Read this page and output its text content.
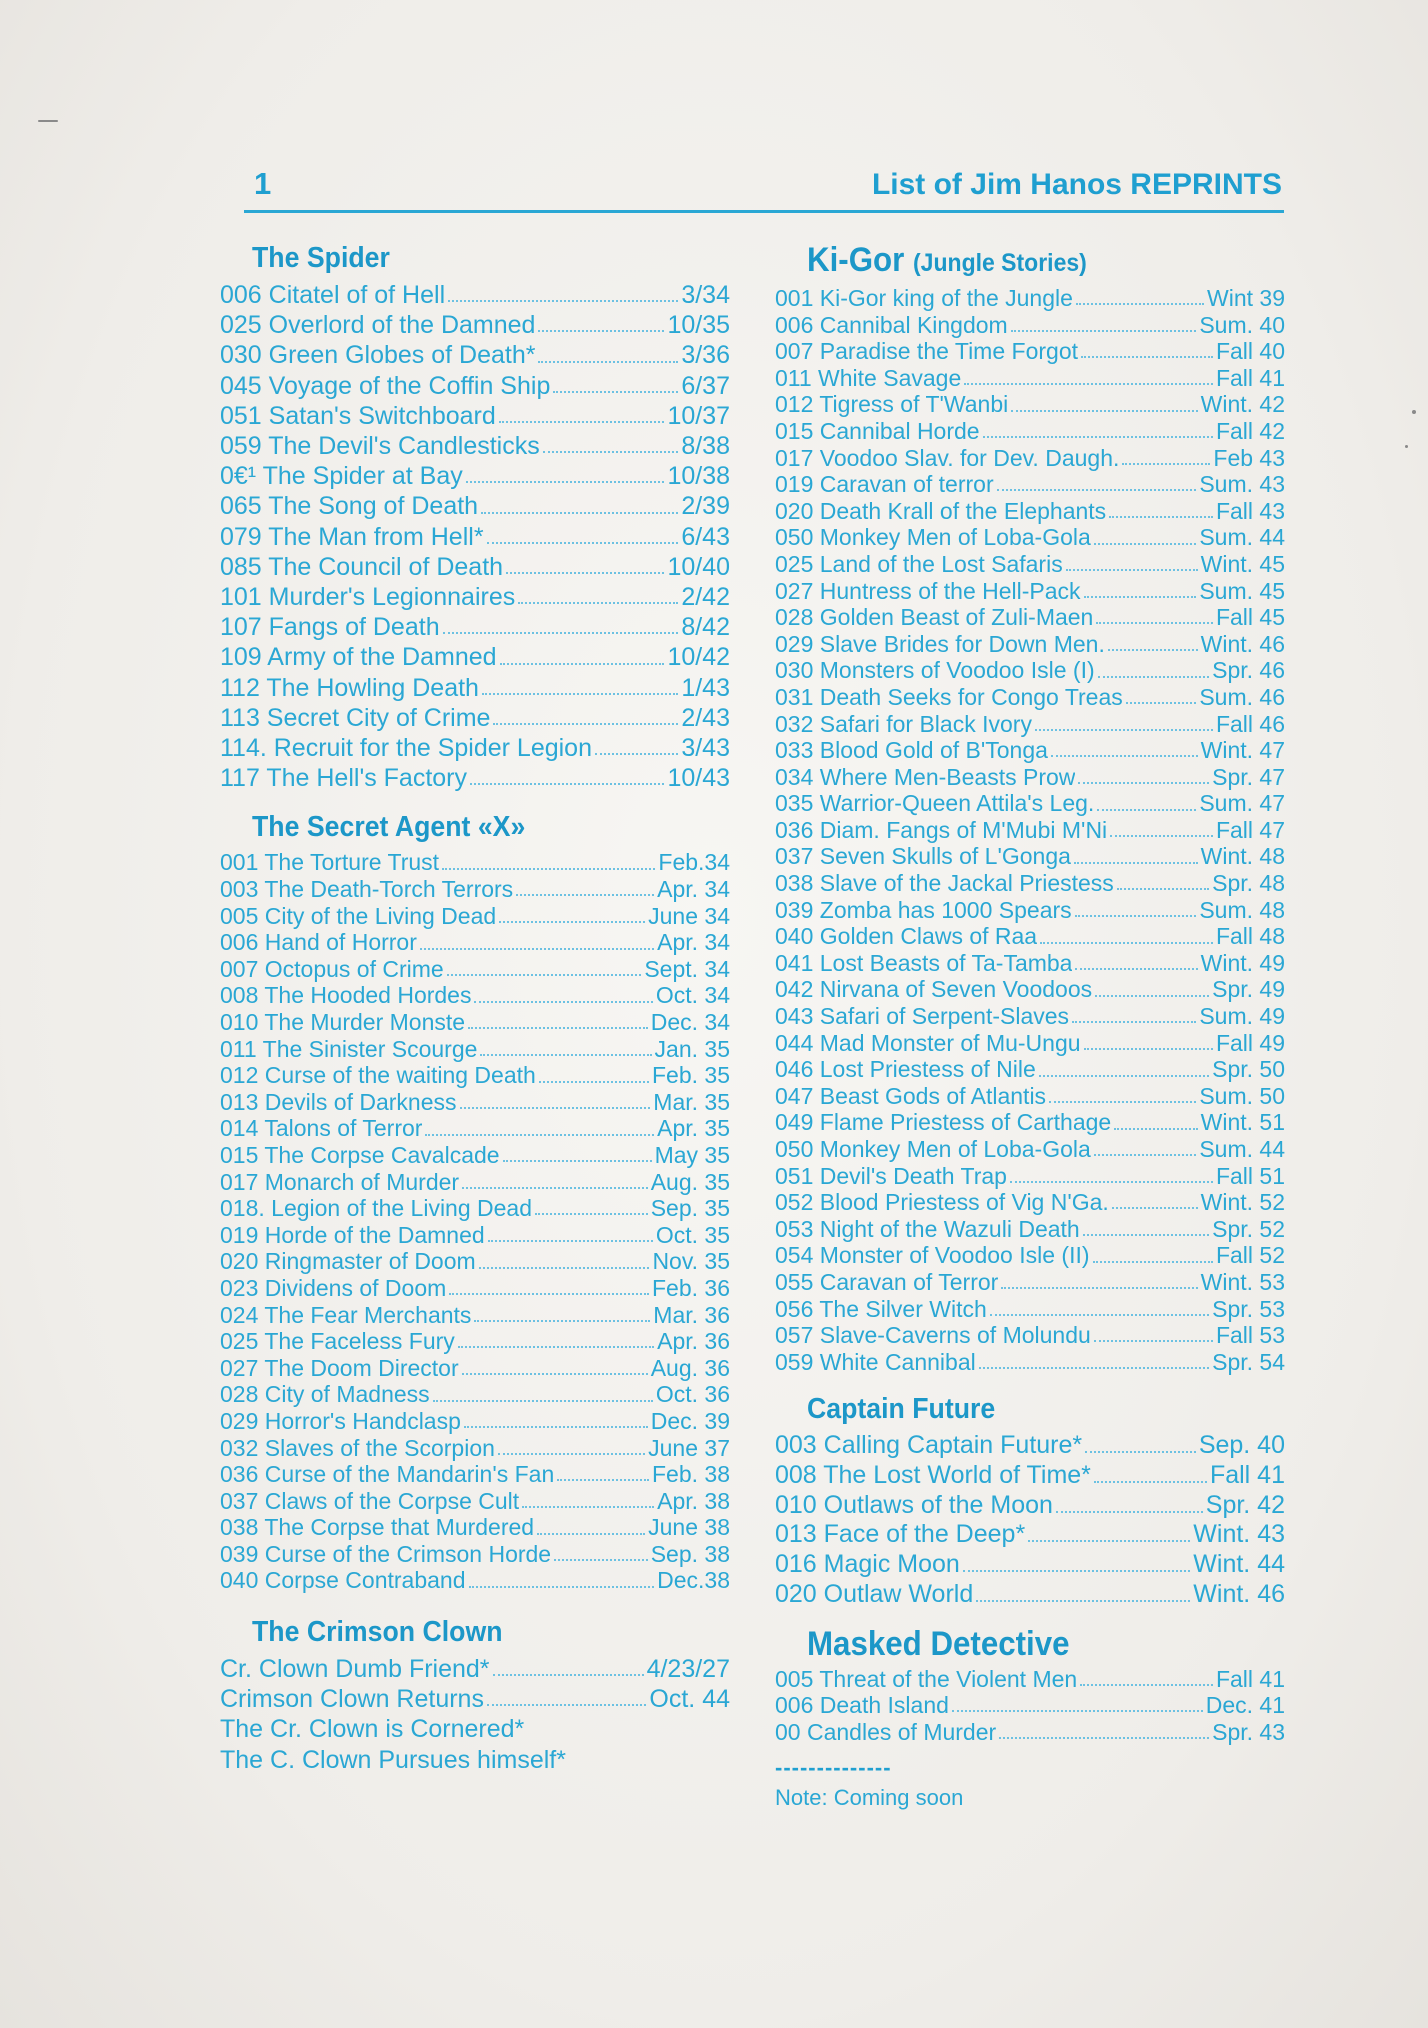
1	List of Jim Hanos REPRINTS
The Spider
006 Citatel of of Hell	3/34
025 Overlord of the Damned	10/35
030 Green Globes of Death*	3/36
045 Voyage of the Coffin Ship	6/37
051 Satan's Switchboard	10/37
059 The Devil's Candlesticks	8/38
0€¹ The Spider at Bay	10/38
065 The Song of Death	2/39
079 The Man from Hell*	6/43
085 The Council of Death	10/40
101 Murder's Legionnaires	2/42
107 Fangs of Death	8/42
109 Army of the Damned	10/42
112 The Howling Death	1/43
113 Secret City of Crime	2/43
114. Recruit for the Spider Legion	3/43
117 The Hell's Factory	10/43
The Secret Agent «X»
001 The Torture Trust	Feb.34
003 The Death-Torch Terrors	Apr. 34
005 City of the Living Dead	June 34
006 Hand of Horror	Apr. 34
007 Octopus of Crime	Sept. 34
008 The Hooded Hordes	Oct. 34
010 The Murder Monste	Dec. 34
011 The Sinister Scourge	Jan. 35
012 Curse of the waiting Death	Feb. 35
013 Devils of Darkness	Mar. 35
014 Talons of Terror	Apr. 35
015 The Corpse Cavalcade	May 35
017 Monarch of Murder	Aug. 35
018. Legion of the Living Dead	Sep. 35
019 Horde of the Damned	Oct. 35
020 Ringmaster of Doom	Nov. 35
023 Dividens of Doom	Feb. 36
024 The Fear Merchants	Mar. 36
025 The Faceless Fury	Apr. 36
027 The Doom Director	Aug. 36
028 City of Madness	Oct. 36
029 Horror's Handclasp	Dec. 39
032 Slaves of the Scorpion	June 37
036 Curse of the Mandarin's Fan	Feb. 38
037 Claws of the Corpse Cult	Apr. 38
038 The Corpse that Murdered	June 38
039 Curse of the Crimson Horde	Sep. 38
040 Corpse Contraband	Dec.38
The Crimson Clown
Cr. Clown Dumb Friend*	4/23/27
Crimson Clown Returns	Oct. 44
The Cr. Clown is Cornered*
The C. Clown Pursues himself*
Ki-Gor (Jungle Stories)
001 Ki-Gor king of the Jungle	Wint 39
006 Cannibal Kingdom	Sum. 40
007 Paradise the Time Forgot	Fall 40
011 White Savage	Fall 41
012 Tigress of T'Wanbi	Wint. 42
015 Cannibal Horde	Fall 42
017 Voodoo Slav. for Dev. Daugh.	Feb 43
019 Caravan of terror	Sum. 43
020 Death Krall of the Elephants	Fall 43
050 Monkey Men of Loba-Gola	Sum. 44
025 Land of the Lost Safaris	Wint. 45
027 Huntress of the Hell-Pack	Sum. 45
028 Golden Beast of Zuli-Maen	Fall 45
029 Slave Brides for Down Men.	Wint. 46
030 Monsters of Voodoo Isle (I)	Spr. 46
031 Death Seeks for Congo Treas	Sum. 46
032 Safari for Black Ivory	Fall 46
033 Blood Gold of B'Tonga	Wint. 47
034 Where Men-Beasts Prow	Spr. 47
035 Warrior-Queen Attila's Leg.	Sum. 47
036 Diam. Fangs of M'Mubi M'Ni	Fall 47
037 Seven Skulls of L'Gonga	Wint. 48
038 Slave of the Jackal Priestess	Spr. 48
039 Zomba has 1000 Spears	Sum. 48
040 Golden Claws of Raa	Fall 48
041 Lost Beasts of Ta-Tamba	Wint. 49
042 Nirvana of Seven Voodoos	Spr. 49
043 Safari of Serpent-Slaves	Sum. 49
044 Mad Monster of Mu-Ungu	Fall 49
046 Lost Priestess of Nile	Spr. 50
047 Beast Gods of Atlantis	Sum. 50
049 Flame Priestess of Carthage	Wint. 51
050 Monkey Men of Loba-Gola	Sum. 44
051 Devil's Death Trap	Fall 51
052 Blood Priestess of Vig N'Ga.	Wint. 52
053 Night of the Wazuli Death	Spr. 52
054 Monster of Voodoo Isle (II)	Fall 52
055 Caravan of Terror	Wint. 53
056 The Silver Witch	Spr. 53
057 Slave-Caverns of Molundu	Fall 53
059 White Cannibal	Spr. 54
Captain Future
003 Calling Captain Future*	Sep. 40
008 The Lost World of Time*	Fall 41
010 Outlaws of the Moon	Spr. 42
013 Face of the Deep*	Wint. 43
016 Magic Moon	Wint. 44
020 Outlaw World	Wint. 46
Masked Detective
005 Threat of the Violent Men	Fall 41
006 Death Island	Dec. 41
00 Candles of Murder	Spr. 43
--------------
Note: Coming soon
